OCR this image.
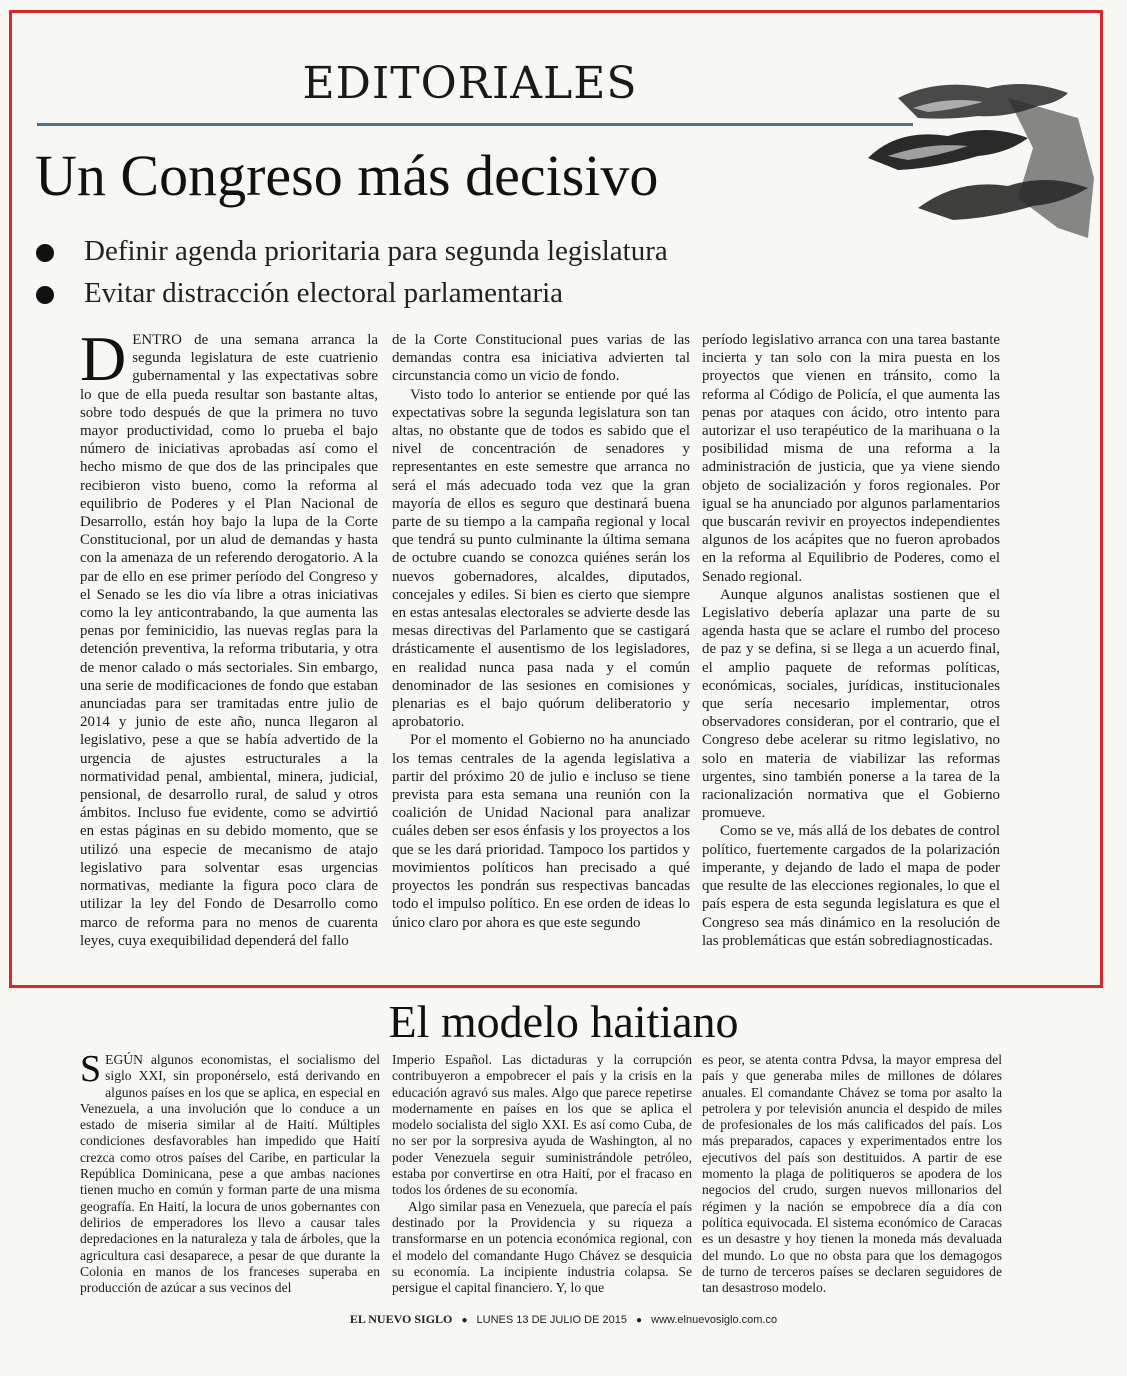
EDITORIALES
Un Congreso más decisivo
Definir agenda prioritaria para segunda legislatura
Evitar distracción electoral parlamentaria

DENTRO de una semana arranca la segunda legislatura de este cuatrienio gubernamental y las expectativas sobre lo que de ella pueda resultar son bastante altas, sobre todo después de que la primera no tuvo mayor productividad, como lo prueba el bajo número de iniciativas aprobadas así como el hecho mismo de que dos de las principales que recibieron visto bueno, como la reforma al equilibrio de Poderes y el Plan Nacional de Desarrollo, están hoy bajo la lupa de la Corte Constitucional, por un alud de demandas y hasta con la amenaza de un referendo derogatorio. A la par de ello en ese primer período del Congreso y el Senado se les dio vía libre a otras iniciativas como la ley anticontrabando, la que aumenta las penas por feminicidio, las nuevas reglas para la detención preventiva, la reforma tributaria, y otra de menor calado o más sectoriales. Sin embargo, una serie de modificaciones de fondo que estaban anunciadas para ser tramitadas entre julio de 2014 y junio de este año, nunca llegaron al legislativo, pese a que se había advertido de la urgencia de ajustes estructurales a la normatividad penal, ambiental, minera, judicial, pensional, de desarrollo rural, de salud y otros ámbitos. Incluso fue evidente, como se advirtió en estas páginas en su debido momento, que se utilizó una especie de mecanismo de atajo legislativo para solventar esas urgencias normativas, mediante la figura poco clara de utilizar la ley del Fondo de Desarrollo como marco de reforma para no menos de cuarenta leyes, cuya exequibilidad dependerá del fallo

de la Corte Constitucional pues varias de las demandas contra esa iniciativa advierten tal circunstancia como un vicio de fondo.

Visto todo lo anterior se entiende por qué las expectativas sobre la segunda legislatura son tan altas, no obstante que de todos es sabido que el nivel de concentración de senadores y representantes en este semestre que arranca no será el más adecuado toda vez que la gran mayoría de ellos es seguro que destinará buena parte de su tiempo a la campaña regional y local que tendrá su punto culminante la última semana de octubre cuando se conozca quiénes serán los nuevos gobernadores, alcaldes, diputados, concejales y ediles. Si bien es cierto que siempre en estas antesalas electorales se advierte desde las mesas directivas del Parlamento que se castigará drásticamente el ausentismo de los legisladores, en realidad nunca pasa nada y el común denominador de las sesiones en comisiones y plenarias es el bajo quórum deliberatorio y aprobatorio.

Por el momento el Gobierno no ha anunciado los temas centrales de la agenda legislativa a partir del próximo 20 de julio e incluso se tiene prevista para esta semana una reunión con la coalición de Unidad Nacional para analizar cuáles deben ser esos énfasis y los proyectos a los que se les dará prioridad. Tampoco los partidos y movimientos políticos han precisado a qué proyectos les pondrán sus respectivas bancadas todo el impulso político. En ese orden de ideas lo único claro por ahora es que este segundo

período legislativo arranca con una tarea bastante incierta y tan solo con la mira puesta en los proyectos que vienen en tránsito, como la reforma al Código de Policía, el que aumenta las penas por ataques con ácido, otro intento para autorizar el uso terapéutico de la marihuana o la posibilidad misma de una reforma a la administración de justicia, que ya viene siendo objeto de socialización y foros regionales. Por igual se ha anunciado por algunos parlamentarios que buscarán revivir en proyectos independientes algunos de los acápites que no fueron aprobados en la reforma al Equilibrio de Poderes, como el Senado regional.

Aunque algunos analistas sostienen que el Legislativo debería aplazar una parte de su agenda hasta que se aclare el rumbo del proceso de paz y se defina, si se llega a un acuerdo final, el amplio paquete de reformas políticas, económicas, sociales, jurídicas, institucionales que sería necesario implementar, otros observadores consideran, por el contrario, que el Congreso debe acelerar su ritmo legislativo, no solo en materia de viabilizar las reformas urgentes, sino también ponerse a la tarea de la racionalización normativa que el Gobierno promueve.

Como se ve, más allá de los debates de control político, fuertemente cargados de la polarización imperante, y dejando de lado el mapa de poder que resulte de las elecciones regionales, lo que el país espera de esta segunda legislatura es que el Congreso sea más dinámico en la resolución de las problemáticas que están sobrediagnosticadas.

El modelo haitiano

SEGÚN algunos economistas, el socialismo del siglo XXI, sin proponérselo, está derivando en algunos países en los que se aplica, en especial en Venezuela, a una involución que lo conduce a un estado de miseria similar al de Haití. Múltiples condiciones desfavorables han impedido que Haití crezca como otros países del Caribe, en particular la República Dominicana, pese a que ambas naciones tienen mucho en común y forman parte de una misma geografía. En Haití, la locura de unos gobernantes con delirios de emperadores los llevo a causar tales depredaciones en la naturaleza y tala de árboles, que la agricultura casi desaparece, a pesar de que durante la Colonia en manos de los franceses superaba en producción de azúcar a sus vecinos del

Imperio Español. Las dictaduras y la corrupción contribuyeron a empobrecer el país y la crisis en la educación agravó sus males. Algo que parece repetirse modernamente en países en los que se aplica el modelo socialista del siglo XXI. Es así como Cuba, de no ser por la sorpresiva ayuda de Washington, al no poder Venezuela seguir suministrándole petróleo, estaba por convertirse en otra Haití, por el fracaso en todos los órdenes de su economía.

Algo similar pasa en Venezuela, que parecía el país destinado por la Providencia y su riqueza a transformarse en un potencia económica regional, con el modelo del comandante Hugo Chávez se desquicia su economía. La incipiente industria colapsa. Se persigue el capital financiero. Y, lo que

es peor, se atenta contra Pdvsa, la mayor empresa del país y que generaba miles de millones de dólares anuales. El comandante Chávez se toma por asalto la petrolera y por televisión anuncia el despido de miles de profesionales de los más calificados del país. Los más preparados, capaces y experimentados entre los ejecutivos del país son destituidos. A partir de ese momento la plaga de politiqueros se apodera de los negocios del crudo, surgen nuevos millonarios del régimen y la nación se empobrece día a día con política equivocada. El sistema económico de Caracas es un desastre y hoy tienen la moneda más devaluada del mundo. Lo que no obsta para que los demagogos de turno de terceros países se declaren seguidores de tan desastroso modelo.

EL NUEVO SIGLO ● LUNES 13 DE JULIO DE 2015 ● www.elnuevosiglo.com.co
